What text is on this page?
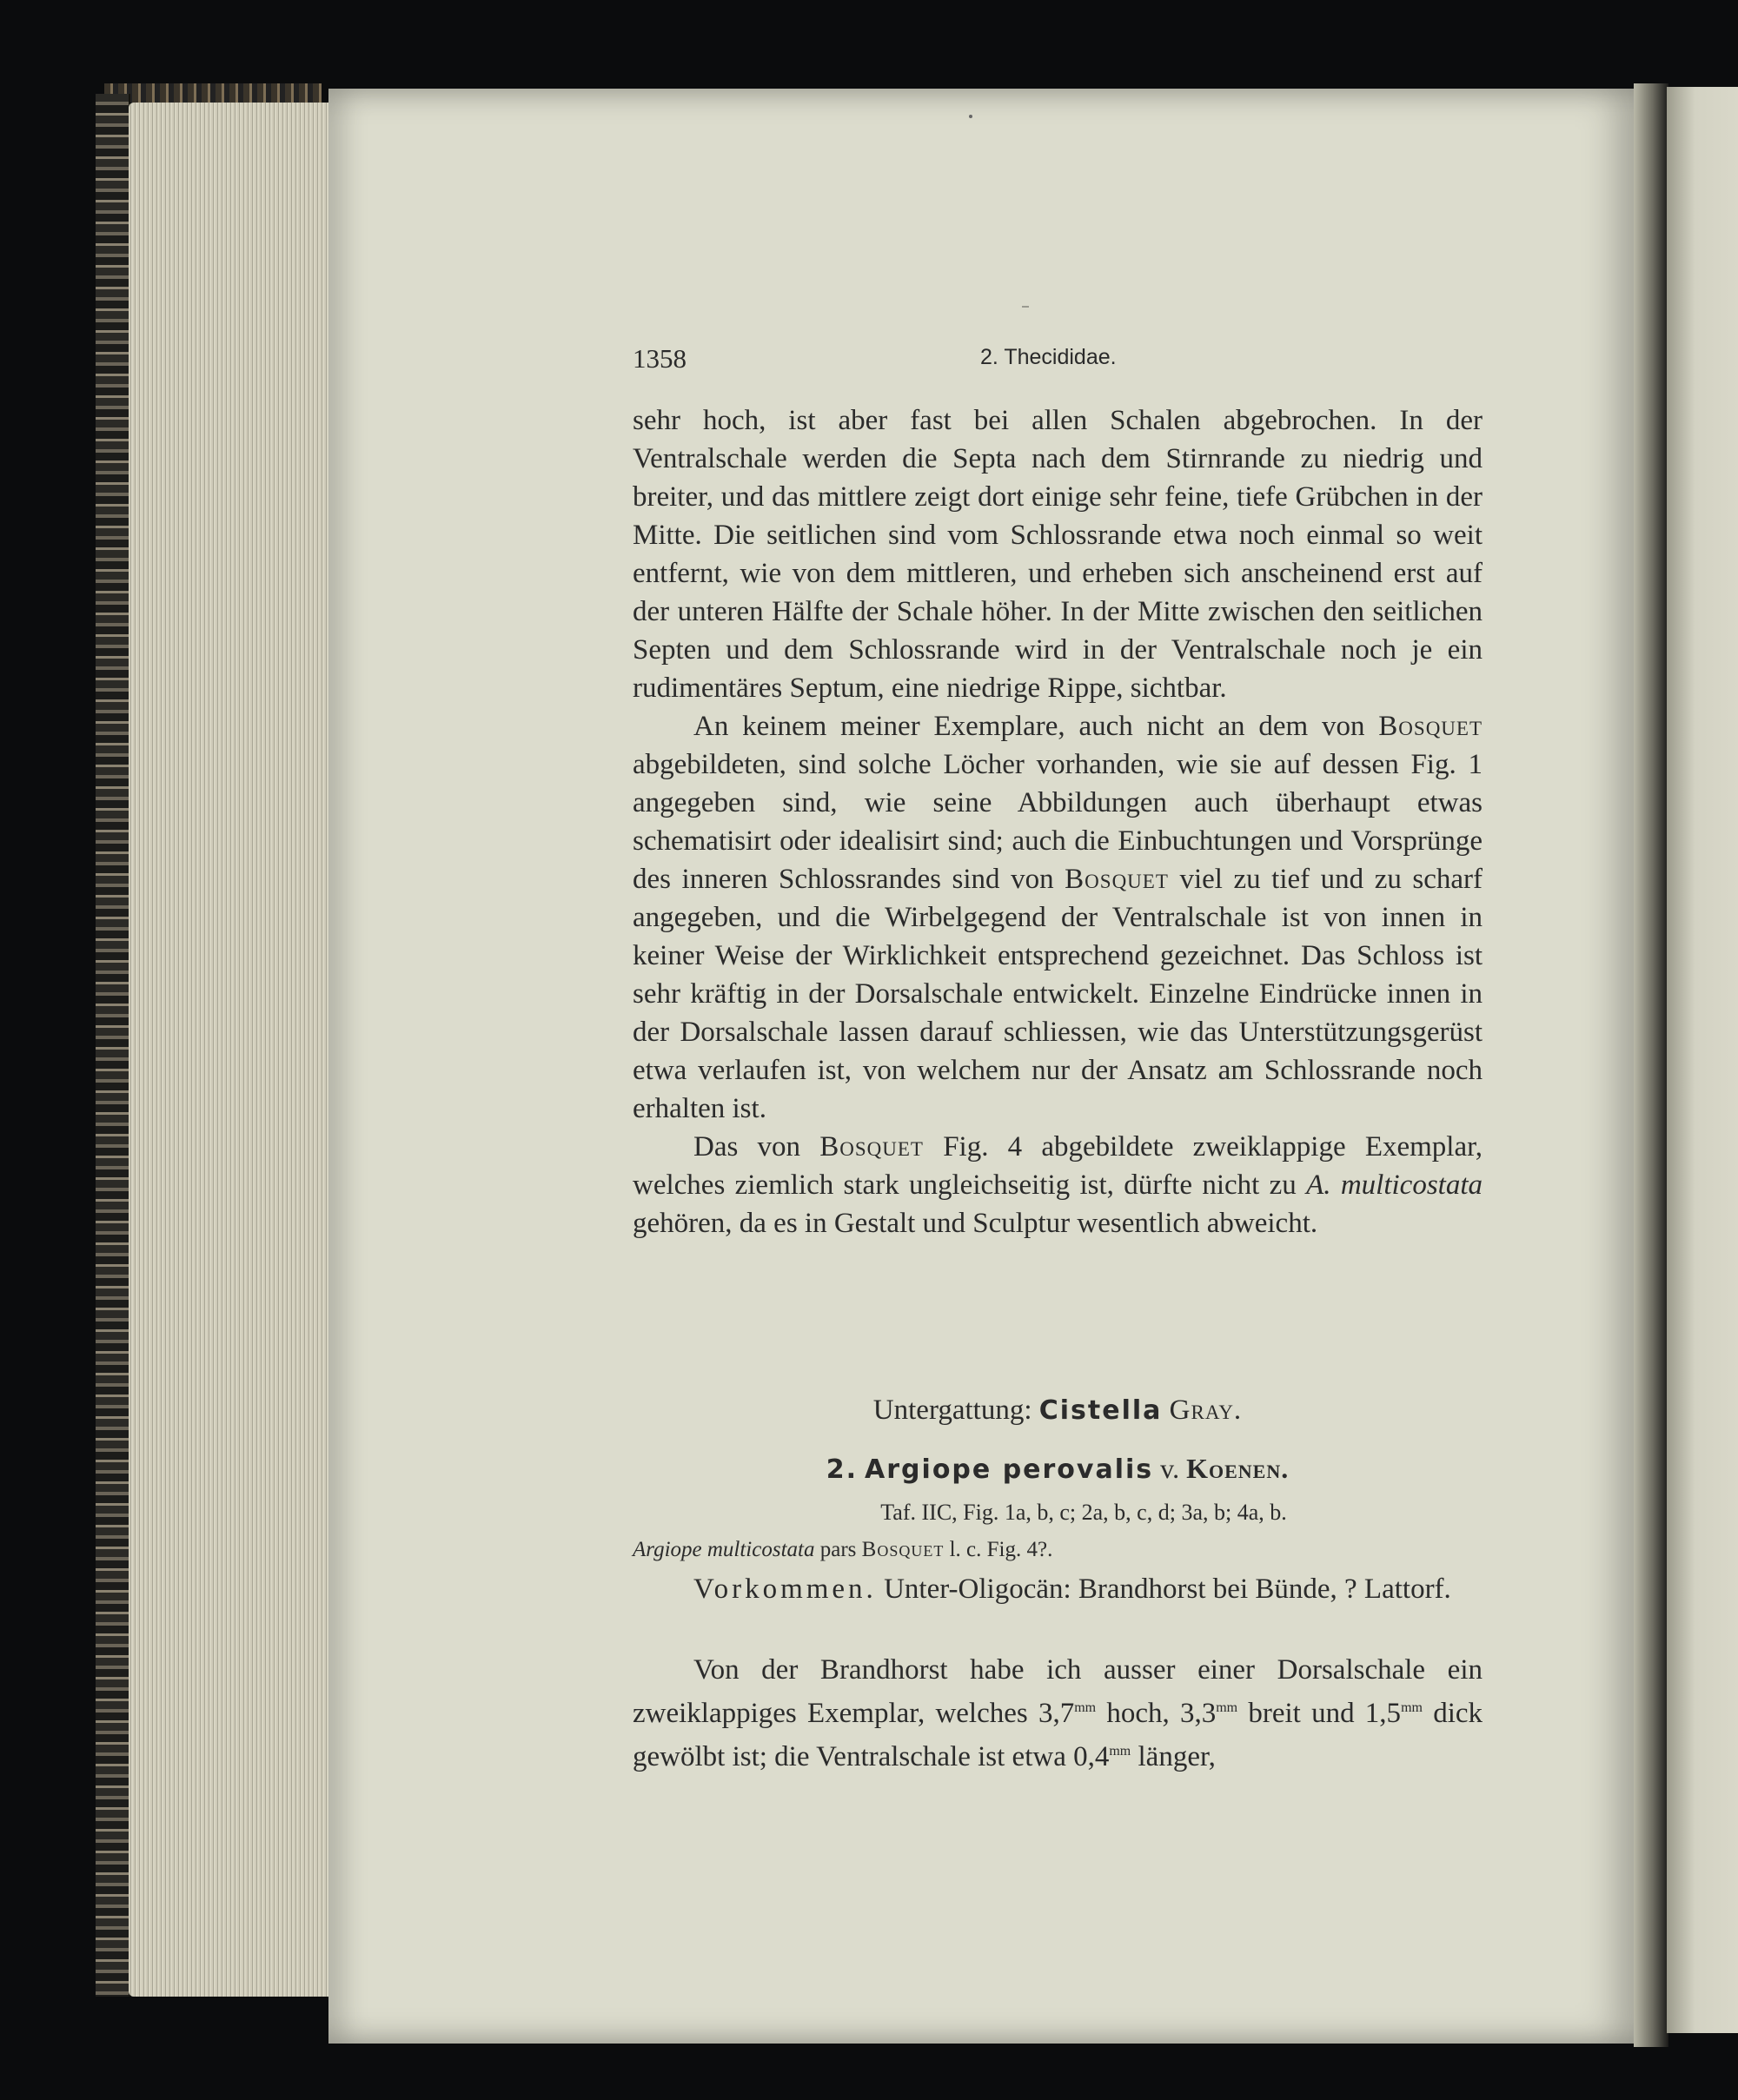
1358	2. Thecididae.

sehr hoch, ist aber fast bei allen Schalen abgebrochen. In der Ventralschale werden die Septa nach dem Stirnrande zu niedrig und breiter, und das mittlere zeigt dort einige sehr feine, tiefe Grübchen in der Mitte. Die seitlichen sind vom Schlossrande etwa noch einmal so weit entfernt, wie von dem mittleren, und erheben sich anscheinend erst auf der unteren Hälfte der Schale höher. In der Mitte zwischen den seitlichen Septen und dem Schlossrande wird in der Ventralschale noch je ein rudimentäres Septum, eine niedrige Rippe, sichtbar.

An keinem meiner Exemplare, auch nicht an dem von Bosquet abgebildeten, sind solche Löcher vorhanden, wie sie auf dessen Fig. 1 angegeben sind, wie seine Abbildungen auch überhaupt etwas schematisirt oder idealisirt sind; auch die Einbuchtungen und Vorsprünge des inneren Schlossrandes sind von Bosquet viel zu tief und zu scharf angegeben, und die Wirbelgegend der Ventralschale ist von innen in keiner Weise der Wirklichkeit entsprechend gezeichnet. Das Schloss ist sehr kräftig in der Dorsalschale entwickelt. Einzelne Eindrücke innen in der Dorsalschale lassen darauf schliessen, wie das Unterstützungsgerüst etwa verlaufen ist, von welchem nur der Ansatz am Schlossrande noch erhalten ist.

Das von Bosquet Fig. 4 abgebildete zweiklappige Exemplar, welches ziemlich stark ungleichseitig ist, dürfte nicht zu A. multicostata gehören, da es in Gestalt und Sculptur wesentlich abweicht.

Untergattung: Cistella Gray.
2. Argiope perovalis v. Koenen.
Taf. IIC, Fig. 1a, b, c; 2a, b, c, d; 3a, b; 4a, b.
Argiope multicostata pars Bosquet l. c. Fig. 4?.

Vorkommen. Unter-Oligocän: Brandhorst bei Bünde, ? Lattorf.

Von der Brandhorst habe ich ausser einer Dorsalschale ein zweiklappiges Exemplar, welches $3,7^{mm}$ hoch, $3,3^{mm}$ breit und $1,5^{mm}$ dick gewölbt ist; die Ventralschale ist etwa $0,4^{mm}$ länger,
